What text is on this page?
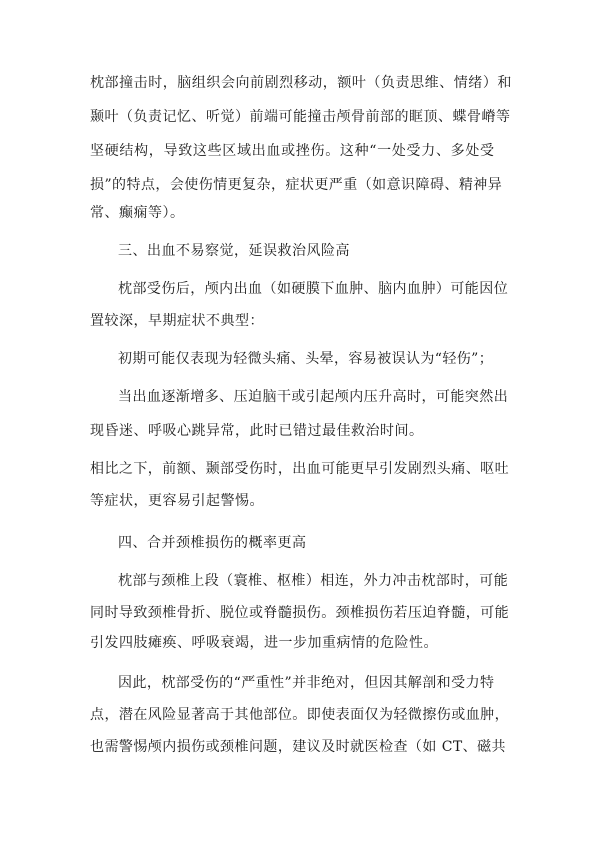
枕部撞击时，脑组织会向前剧烈移动，额叶（负责思维、情绪）和
颞叶（负责记忆、听觉）前端可能撞击颅骨前部的眶顶、蝶骨嵴等
坚硬结构，导致这些区域出血或挫伤。这种“一处受力、多处受
损”的特点，会使伤情更复杂，症状更严重（如意识障碍、精神异
常、癫痫等）。
三、出血不易察觉，延误救治风险高
枕部受伤后，颅内出血（如硬膜下血肿、脑内血肿）可能因位
置较深，早期症状不典型：
初期可能仅表现为轻微头痛、头晕，容易被误认为“轻伤”；
当出血逐渐增多、压迫脑干或引起颅内压升高时，可能突然出
现昏迷、呼吸心跳异常，此时已错过最佳救治时间。
相比之下，前额、颞部受伤时，出血可能更早引发剧烈头痛、呕吐
等症状，更容易引起警惕。
四、合并颈椎损伤的概率更高
枕部与颈椎上段（寰椎、枢椎）相连，外力冲击枕部时，可能
同时导致颈椎骨折、脱位或脊髓损伤。颈椎损伤若压迫脊髓，可能
引发四肢瘫痪、呼吸衰竭，进一步加重病情的危险性。
因此，枕部受伤的“严重性”并非绝对，但因其解剖和受力特
点，潜在风险显著高于其他部位。即使表面仅为轻微擦伤或血肿，
也需警惕颅内损伤或颈椎问题，建议及时就医检查（如 CT、磁共
